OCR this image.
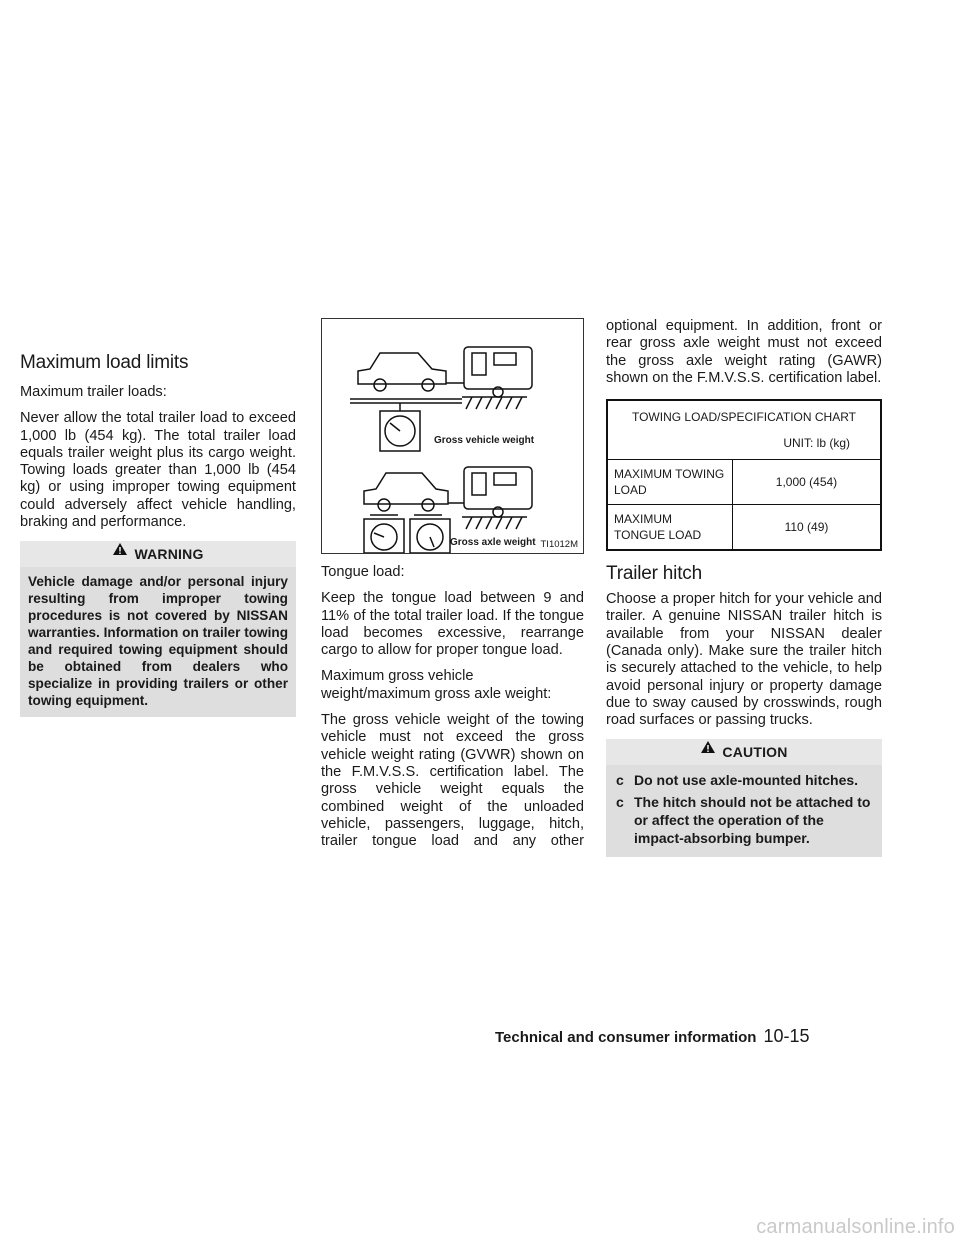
Maximum load limits

Maximum trailer loads:

Never allow the total trailer load to exceed 1,000 lb (454 kg). The total trailer load equals trailer weight plus its cargo weight. Towing loads greater than 1,000 lb (454 kg) or using improper towing equipment could adversely affect vehicle handling, braking and performance.

WARNING
Vehicle damage and/or personal injury resulting from improper towing procedures is not covered by NISSAN warranties. Information on trailer towing and required towing equipment should be obtained from dealers who specialize in providing trailers or other towing equipment.
Gross vehicle weight
Gross axle weight TI1012M

Tongue load:

Keep the tongue load between 9 and 11% of the total trailer load. If the tongue load becomes excessive, rearrange cargo to allow for proper tongue load.

Maximum gross vehicle weight/maximum gross axle weight:

The gross vehicle weight of the towing vehicle must not exceed the gross vehicle weight rating (GVWR) shown on the F.M.V.S.S. certification label. The gross vehicle weight equals the combined weight of the unloaded vehicle, passengers, luggage, hitch, trailer tongue load and any other

optional equipment. In addition, front or rear gross axle weight must not exceed the gross axle weight rating (GAWR) shown on the F.M.V.S.S. certification label.

TOWING LOAD/SPECIFICATION CHART
UNIT: lb (kg)	

MAXIMUM TOWING LOAD	1,000 (454)
MAXIMUM TONGUE LOAD	110 (49)
Trailer hitch

Choose a proper hitch for your vehicle and trailer. A genuine NISSAN trailer hitch is available from your NISSAN dealer (Canada only). Make sure the trailer hitch is securely attached to the vehicle, to help avoid personal injury or property damage due to sway caused by crosswinds, rough road surfaces or passing trucks.

CAUTION
c Do not use axle-mounted hitches.
c The hitch should not be attached to or affect the operation of the impact-absorbing bumper.
Technical and consumer information 10-15
carmanualsonline.info
